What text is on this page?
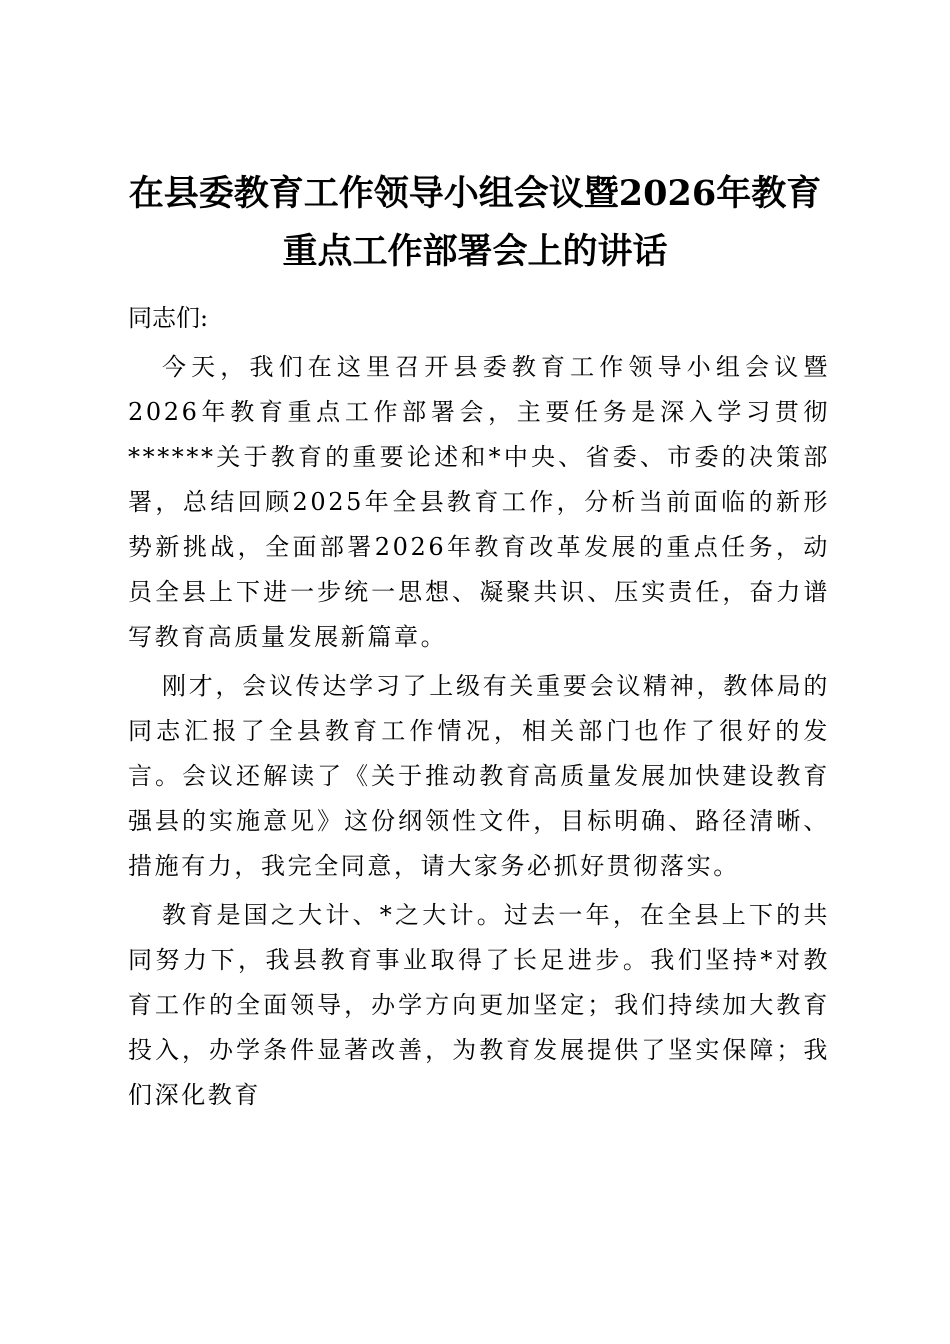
在县委教育工作领导小组会议暨2026年教育
重点工作部署会上的讲话

同志们:

今天，我们在这里召开县委教育工作领导小组会议暨2026年教育重点工作部署会，主要任务是深入学习贯彻******关于教育的重要论述和*中央、省委、市委的决策部署，总结回顾2025年全县教育工作，分析当前面临的新形势新挑战，全面部署2026年教育改革发展的重点任务，动员全县上下进一步统一思想、凝聚共识、压实责任，奋力谱写教育高质量发展新篇章。

刚才，会议传达学习了上级有关重要会议精神，教体局的同志汇报了全县教育工作情况，相关部门也作了很好的发言。会议还解读了《关于推动教育高质量发展加快建设教育强县的实施意见》这份纲领性文件，目标明确、路径清晰、措施有力，我完全同意，请大家务必抓好贯彻落实。

教育是国之大计、*之大计。过去一年，在全县上下的共同努力下，我县教育事业取得了长足进步。我们坚持*对教育工作的全面领导，办学方向更加坚定；我们持续加大教育投入，办学条件显著改善，为教育发展提供了坚实保障；我们深化教育
